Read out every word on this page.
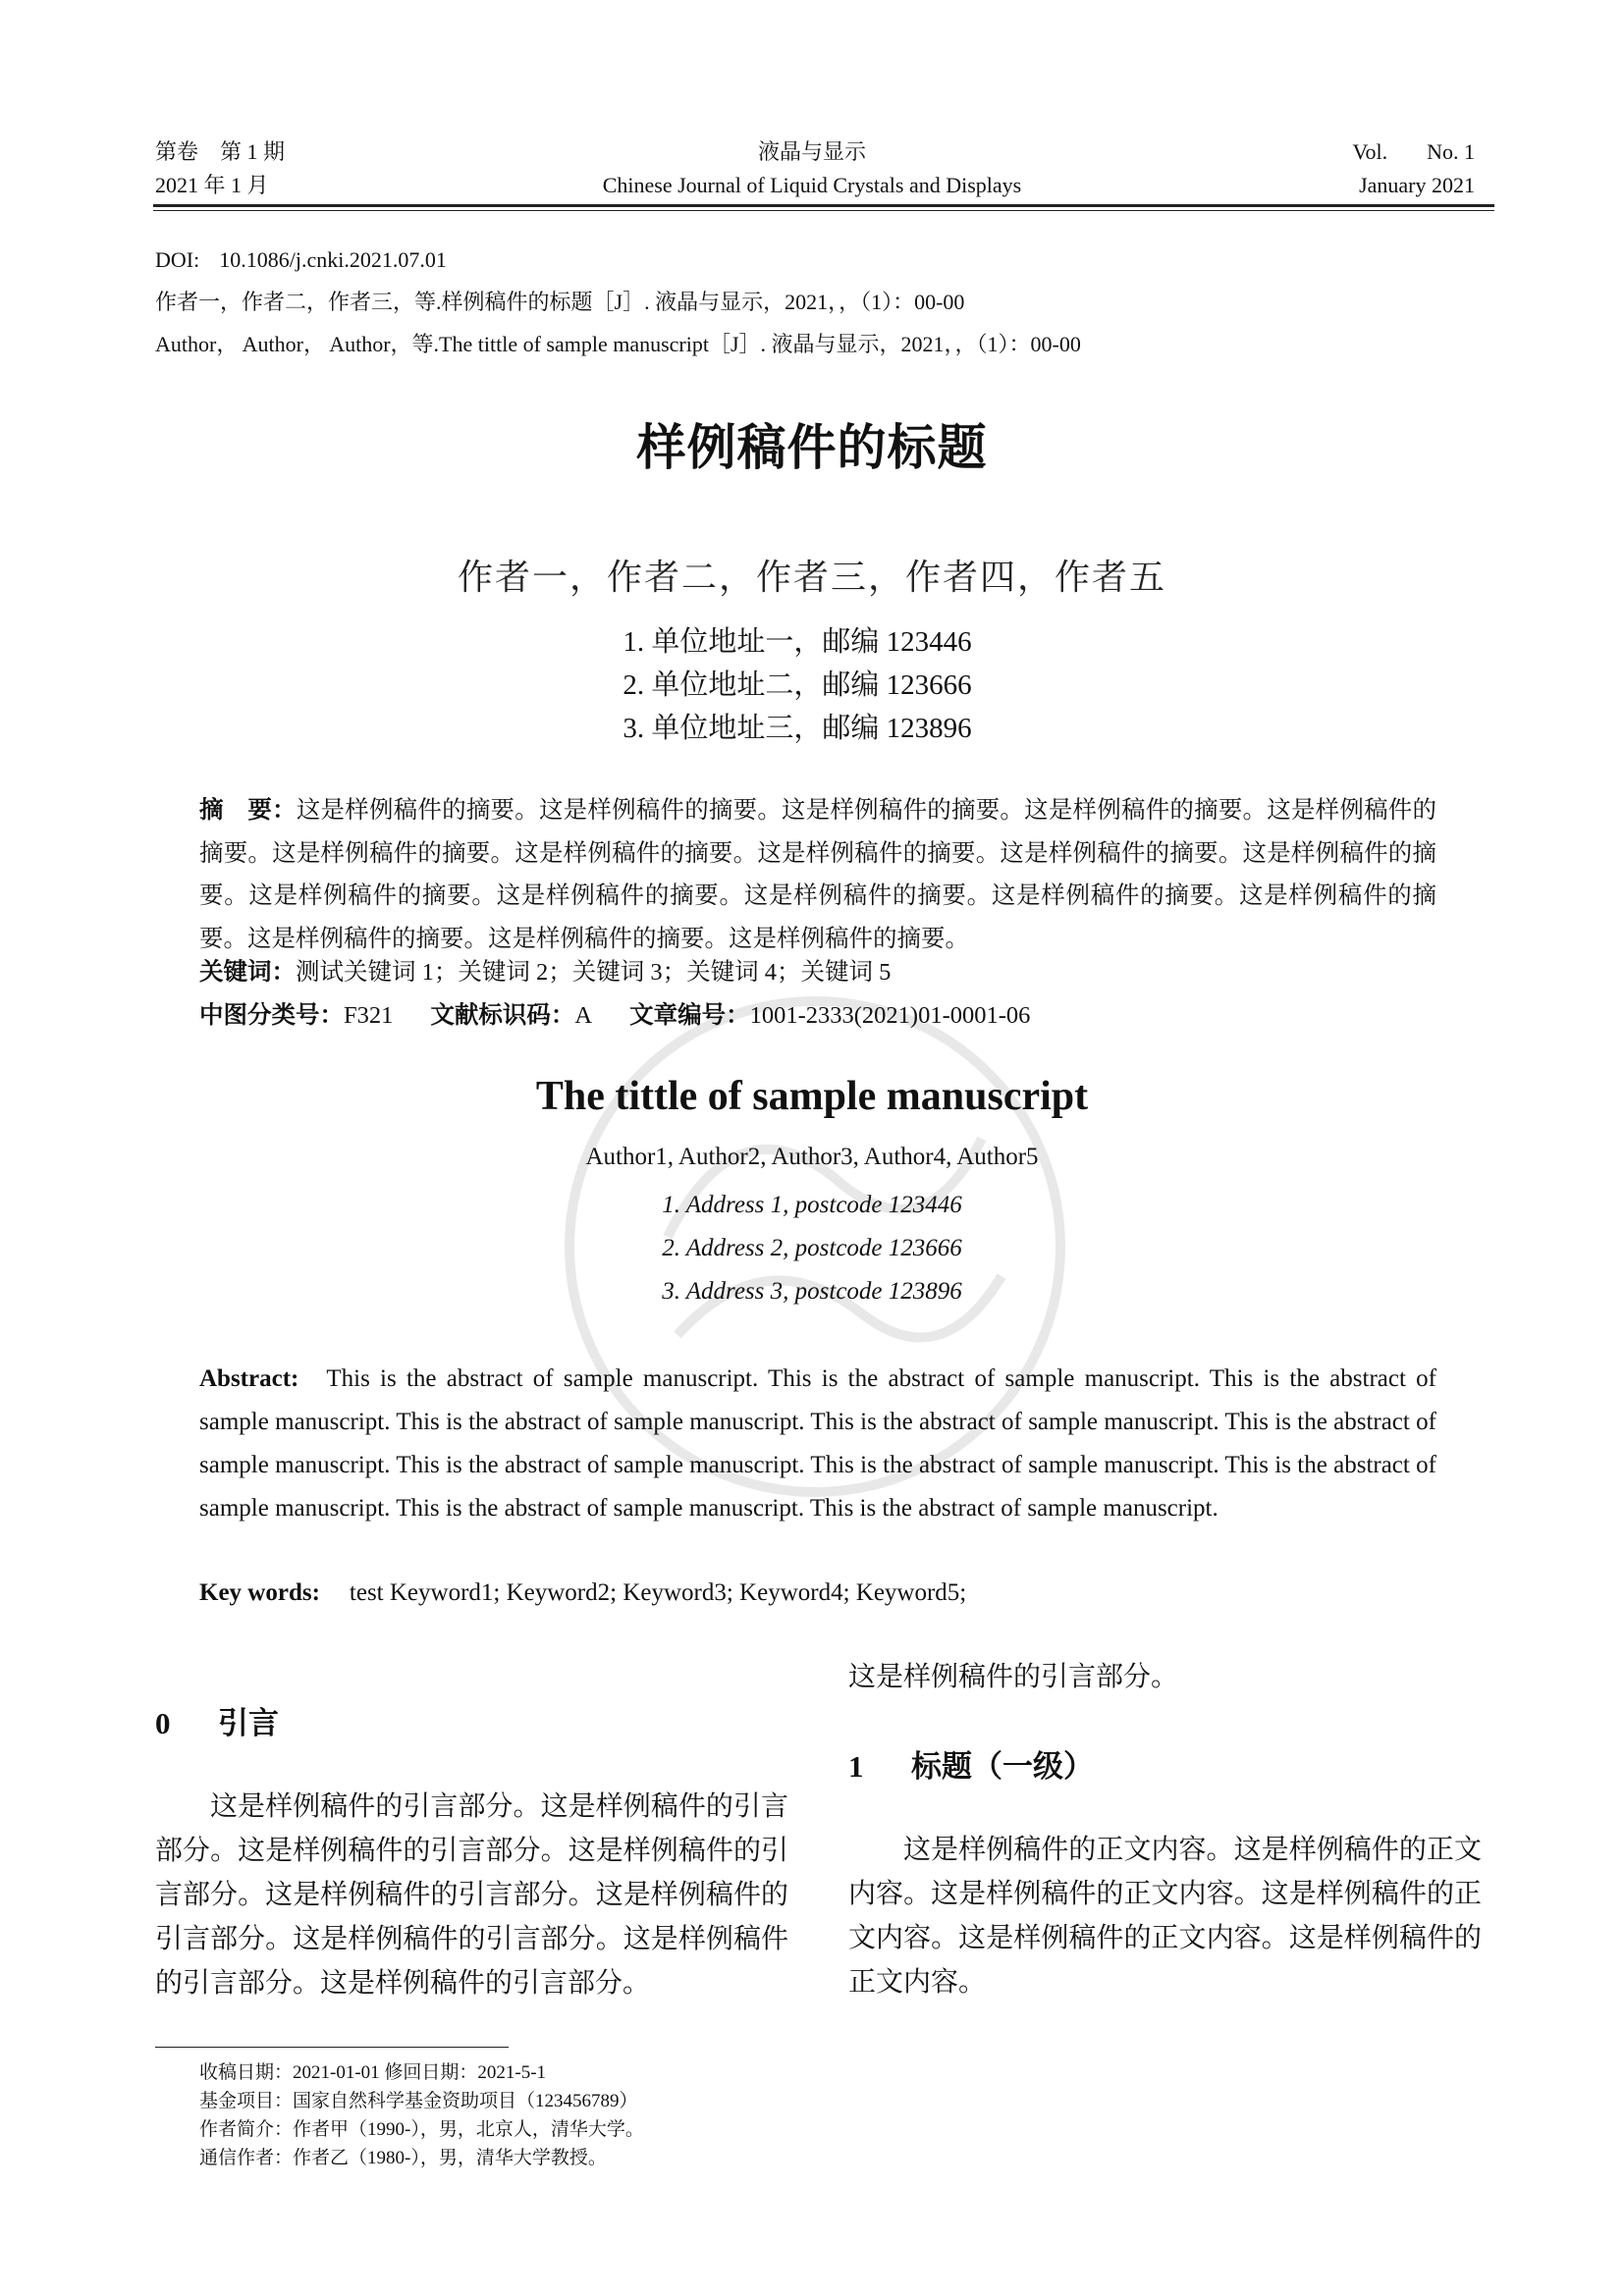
第卷　第 1 期
2021 年 1 月
液晶与显示
Chinese Journal of Liquid Crystals and Displays
Vol. No. 1
January 2021
DOI: 10.1086/j.cnki.2021.07.01
作者一，作者二，作者三，等.样例稿件的标题［J］. 液晶与显示，2021，，（1）：00-00
Author， Author， Author，等.The tittle of sample manuscript［J］. 液晶与显示，2021，，（1）：00-00
样例稿件的标题
作者一，作者二，作者三，作者四，作者五
1. 单位地址一，邮编 123446
2. 单位地址二，邮编 123666
3. 单位地址三，邮编 123896
摘　要：这是样例稿件的摘要。这是样例稿件的摘要。这是样例稿件的摘要。这是样例稿件的摘要。这是样例稿件的摘要。这是样例稿件的摘要。这是样例稿件的摘要。这是样例稿件的摘要。这是样例稿件的摘要。这是样例稿件的摘要。这是样例稿件的摘要。这是样例稿件的摘要。这是样例稿件的摘要。这是样例稿件的摘要。这是样例稿件的摘要。这是样例稿件的摘要。这是样例稿件的摘要。这是样例稿件的摘要。
关键词：测试关键词 1；关键词 2；关键词 3；关键词 4；关键词 5
中图分类号：F321 文献标识码：A 文章编号：1001-2333(2021)01-0001-06
The tittle of sample manuscript
Author1, Author2, Author3, Author4, Author5
1. Address 1, postcode 123446
2. Address 2, postcode 123666
3. Address 3, postcode 123896
Abstract: This is the abstract of sample manuscript. This is the abstract of sample manuscript. This is the abstract of sample manuscript. This is the abstract of sample manuscript. This is the abstract of sample manuscript. This is the abstract of sample manuscript. This is the abstract of sample manuscript. This is the abstract of sample manuscript. This is the abstract of sample manuscript. This is the abstract of sample manuscript. This is the abstract of sample manuscript.
Key words: test Keyword1; Keyword2; Keyword3; Keyword4; Keyword5;
0 引言
这是样例稿件的引言部分。这是样例稿件的引言部分。这是样例稿件的引言部分。这是样例稿件的引言部分。这是样例稿件的引言部分。这是样例稿件的引言部分。这是样例稿件的引言部分。这是样例稿件的引言部分。这是样例稿件的引言部分。
这是样例稿件的引言部分。
1 标题（一级）
这是样例稿件的正文内容。这是样例稿件的正文内容。这是样例稿件的正文内容。这是样例稿件的正文内容。这是样例稿件的正文内容。这是样例稿件的正文内容。
收稿日期：2021-01-01 修回日期：2021-5-1
基金项目：国家自然科学基金资助项目（123456789）
作者简介：作者甲（1990-），男，北京人，清华大学。
通信作者：作者乙（1980-），男，清华大学教授。
